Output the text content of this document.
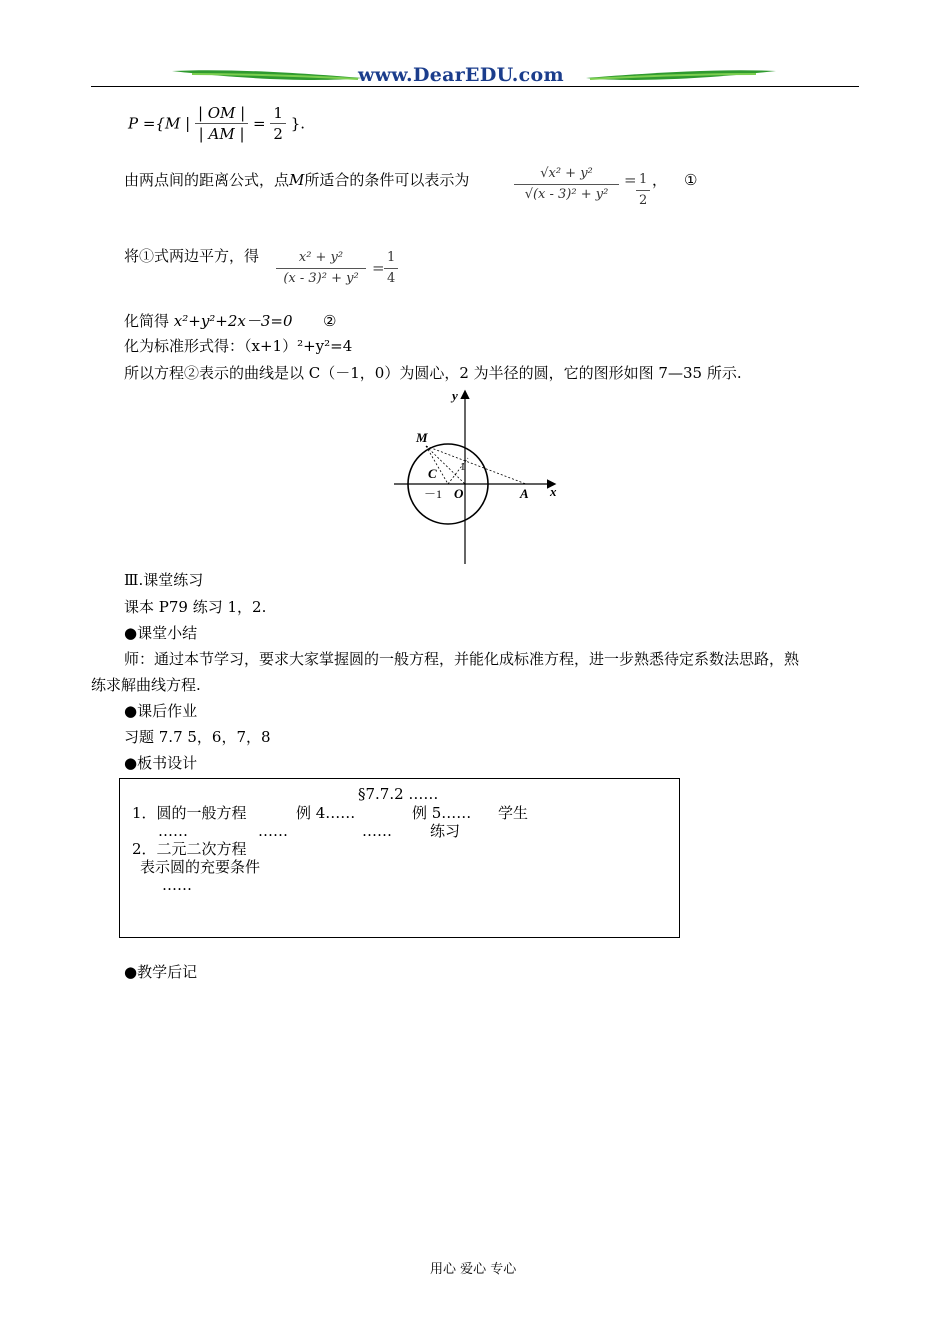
www.DearEDU.com
P ={M | $\frac{| OM |}{| AM |} = \frac{1}{2}$ }.
由两点间的距离公式，点M所适合的条件可以表示为	$\frac{\text{√x² + y²}}{\text{√(x - 3)² + y²}} = \frac{1}{2}$ ， ①
将①式两边平方，得 $\frac{\text{x² + y²}}{\text{(x - 3)² + y²}} = \frac{1}{4}$
化简得 x²+y²+2x－3=0 ②
化为标准形式得：（x+1）²+y²=4
所以方程②表示的曲线是以 C（－1，0）为圆心，2 为半径的圆，它的图形如图 7—35 所示.
y
x
M
C
O	A
－1
1
Ⅲ.课堂练习
课本 P79 练习 1，2.
●课堂小结
师：通过本节学习，要求大家掌握圆的一般方程，并能化成标准方程，进一步熟悉待定系数法思路，熟
练求解曲线方程.
●课后作业
习题 7.7 5，6，7，8
●板书设计
§7.7.2 ……
1．圆的一般方程
……
例 4……
……
例 5……
……
学生
练习
2．二元二次方程
表示圆的充要条件
……
●教学后记
用心 爱心 专心
